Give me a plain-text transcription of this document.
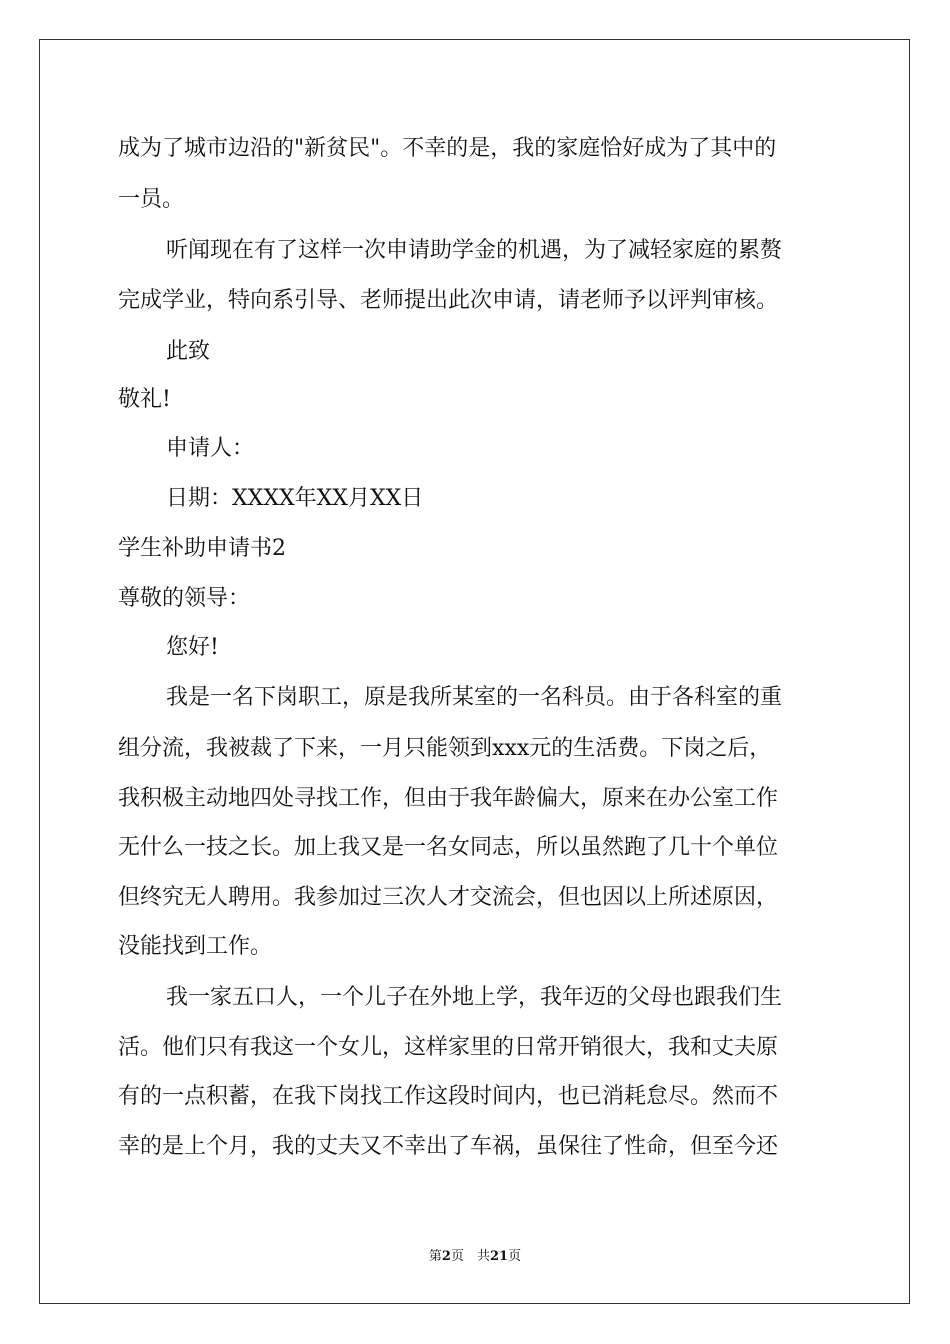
成为了城市边沿的"新贫民"。不幸的是，我的家庭恰好成为了其中的
一员。
听闻现在有了这样一次申请助学金的机遇，为了减轻家庭的累赘
完成学业，特向系引导、老师提出此次申请，请老师予以评判审核。
此致
敬礼!
申请人：
日期：XXXX年XX月XX日
学生补助申请书2
尊敬的领导：
您好!
我是一名下岗职工，原是我所某室的一名科员。由于各科室的重
组分流，我被裁了下来，一月只能领到xxx元的生活费。下岗之后，
我积极主动地四处寻找工作，但由于我年龄偏大，原来在办公室工作
无什么一技之长。加上我又是一名女同志，所以虽然跑了几十个单位
但终究无人聘用。我参加过三次人才交流会，但也因以上所述原因，
没能找到工作。
我一家五口人，一个儿子在外地上学，我年迈的父母也跟我们生
活。他们只有我这一个女儿，这样家里的日常开销很大，我和丈夫原
有的一点积蓄，在我下岗找工作这段时间内，也已消耗怠尽。然而不
幸的是上个月，我的丈夫又不幸出了车祸，虽保往了性命，但至今还
第2页　共21页
